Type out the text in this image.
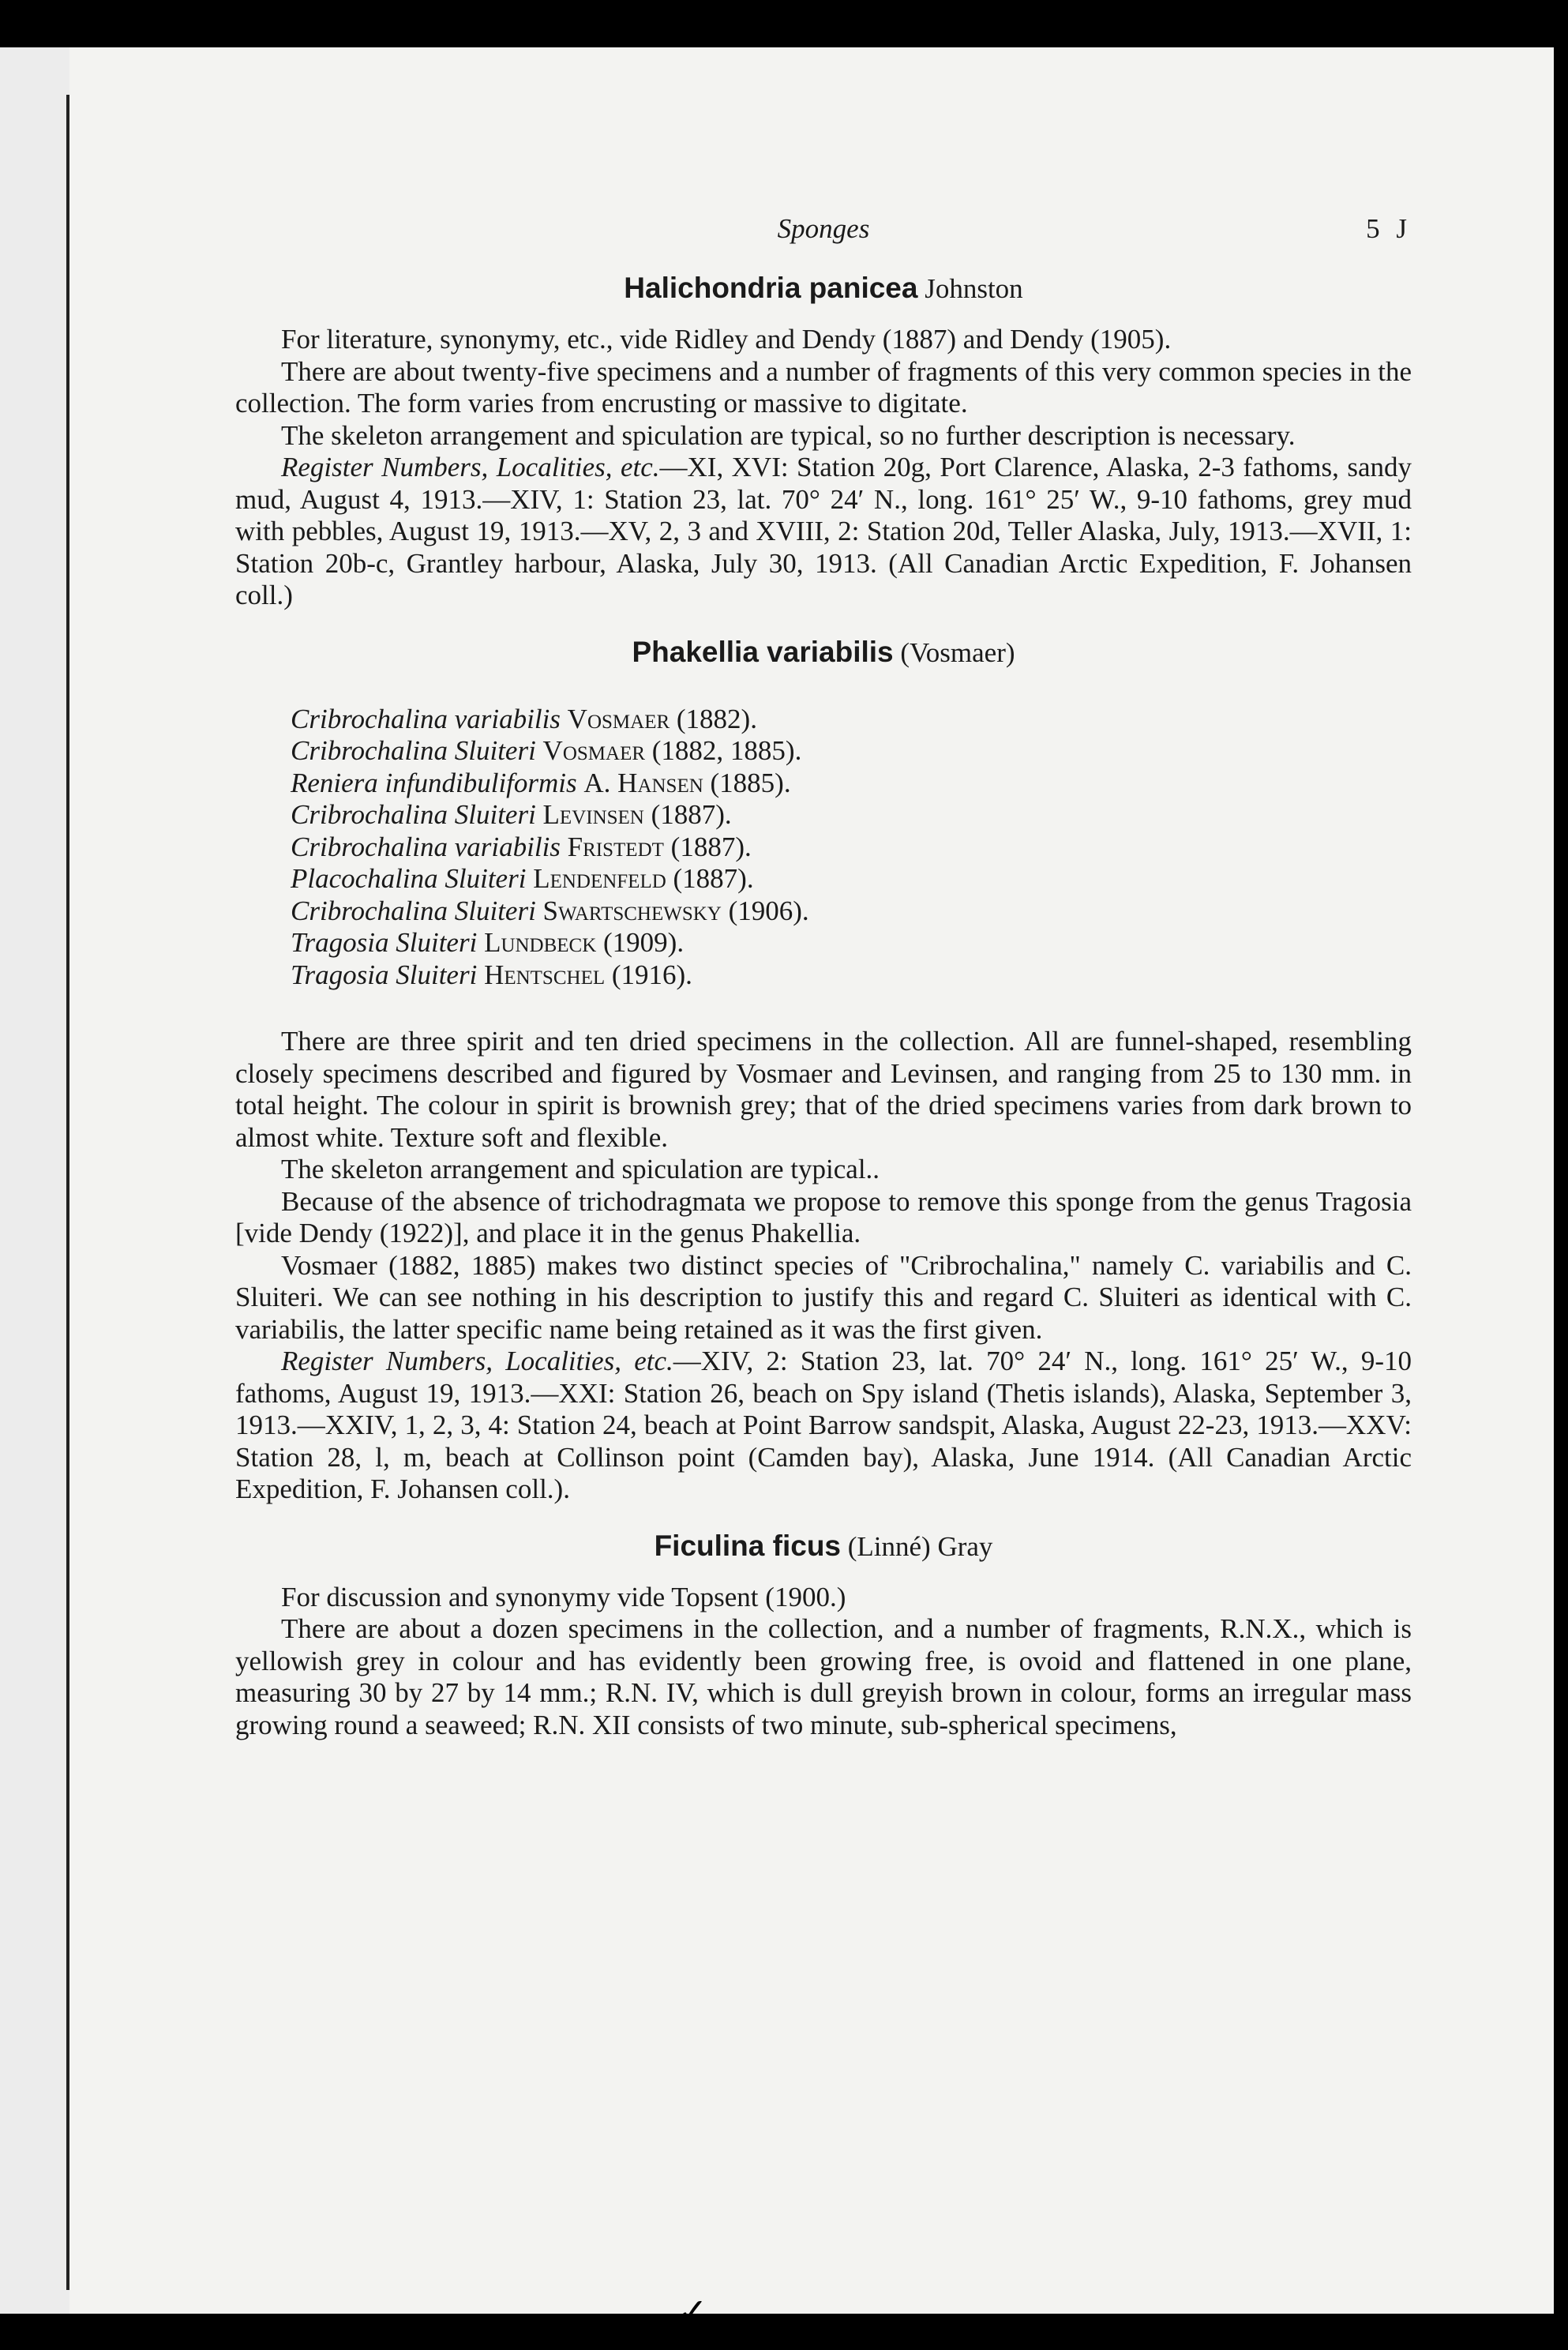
Sponges	5 J
Halichondria panicea Johnston

For literature, synonymy, etc., vide Ridley and Dendy (1887) and Dendy (1905).

There are about twenty-five specimens and a number of fragments of this very common species in the collection. The form varies from encrusting or massive to digitate.

The skeleton arrangement and spiculation are typical, so no further description is necessary.

Register Numbers, Localities, etc.—XI, XVI: Station 20g, Port Clarence, Alaska, 2-3 fathoms, sandy mud, August 4, 1913.—XIV, 1: Station 23, lat. 70° 24′ N., long. 161° 25′ W., 9-10 fathoms, grey mud with pebbles, August 19, 1913.—XV, 2, 3 and XVIII, 2: Station 20d, Teller Alaska, July, 1913.—XVII, 1: Station 20b-c, Grantley harbour, Alaska, July 30, 1913. (All Canadian Arctic Expedition, F. Johansen coll.)

Phakellia variabilis (Vosmaer)
Cribrochalina variabilis Vosmaer (1882).
Cribrochalina Sluiteri Vosmaer (1882, 1885).
Reniera infundibuliformis A. Hansen (1885).
Cribrochalina Sluiteri Levinsen (1887).
Cribrochalina variabilis Fristedt (1887).
Placochalina Sluiteri Lendenfeld (1887).
Cribrochalina Sluiteri Swartschewsky (1906).
Tragosia Sluiteri Lundbeck (1909).
Tragosia Sluiteri Hentschel (1916).

There are three spirit and ten dried specimens in the collection. All are funnel-shaped, resembling closely specimens described and figured by Vosmaer and Levinsen, and ranging from 25 to 130 mm. in total height. The colour in spirit is brownish grey; that of the dried specimens varies from dark brown to almost white. Texture soft and flexible.

The skeleton arrangement and spiculation are typical..

Because of the absence of trichodragmata we propose to remove this sponge from the genus Tragosia [vide Dendy (1922)], and place it in the genus Phakellia.

Vosmaer (1882, 1885) makes two distinct species of "Cribrochalina," namely C. variabilis and C. Sluiteri. We can see nothing in his description to justify this and regard C. Sluiteri as identical with C. variabilis, the latter specific name being retained as it was the first given.

Register Numbers, Localities, etc.—XIV, 2: Station 23, lat. 70° 24′ N., long. 161° 25′ W., 9-10 fathoms, August 19, 1913.—XXI: Station 26, beach on Spy island (Thetis islands), Alaska, September 3, 1913.—XXIV, 1, 2, 3, 4: Station 24, beach at Point Barrow sandspit, Alaska, August 22-23, 1913.—XXV: Station 28, l, m, beach at Collinson point (Camden bay), Alaska, June 1914. (All Canadian Arctic Expedition, F. Johansen coll.).

Ficulina ficus (Linné) Gray

For discussion and synonymy vide Topsent (1900.)

There are about a dozen specimens in the collection, and a number of fragments, R.N.X., which is yellowish grey in colour and has evidently been growing free, is ovoid and flattened in one plane, measuring 30 by 27 by 14 mm.; R.N. IV, which is dull greyish brown in colour, forms an irregular mass growing round a seaweed; R.N. XII consists of two minute, sub-spherical specimens,

✓
